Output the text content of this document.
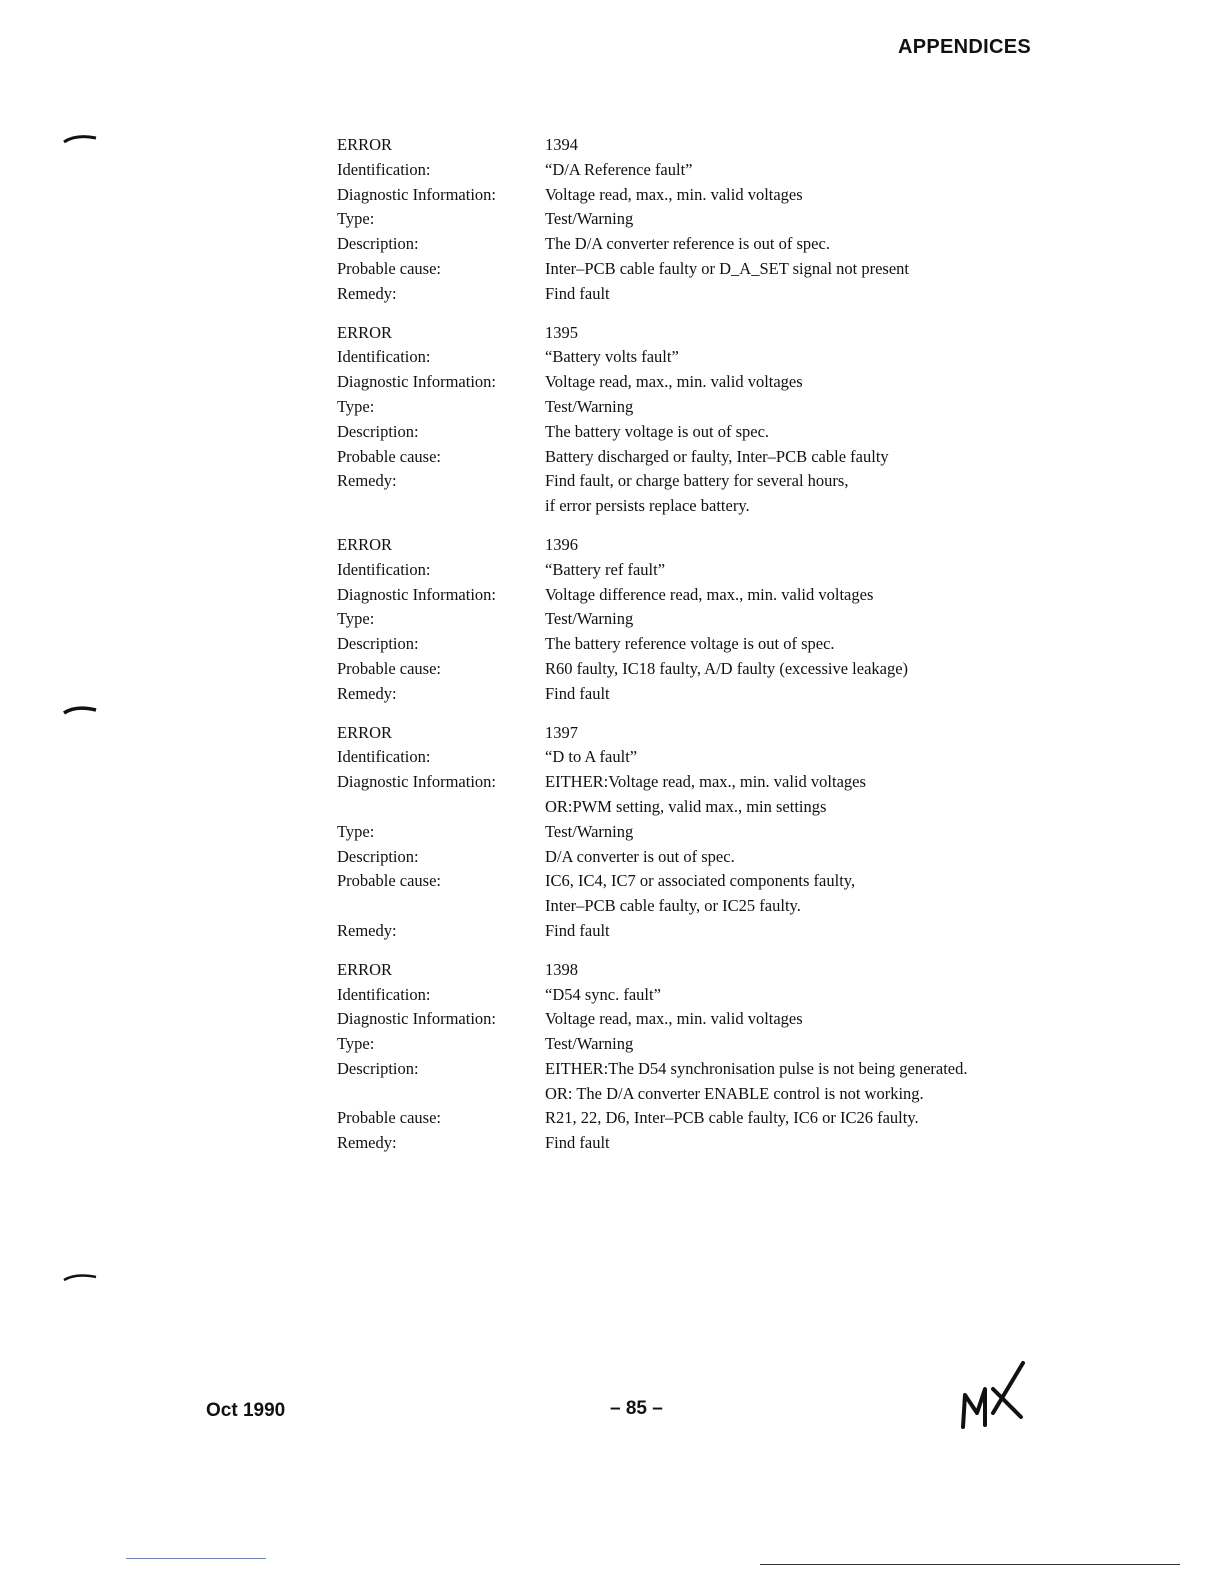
APPENDICES
ERROR	1394
Identification:	“D/A Reference fault”
Diagnostic Information:	Voltage read, max., min. valid voltages
Type:	Test/Warning
Description:	The D/A converter reference is out of spec.
Probable cause:	Inter–PCB cable faulty or D_A_SET signal not present
Remedy:	Find fault
ERROR	1395
Identification:	“Battery volts fault”
Diagnostic Information:	Voltage read, max., min. valid voltages
Type:	Test/Warning
Description:	The battery voltage is out of spec.
Probable cause:	Battery discharged or faulty, Inter–PCB cable faulty
Remedy:	Find fault, or charge battery for several hours,
if error persists replace battery.
ERROR	1396
Identification:	“Battery ref fault”
Diagnostic Information:	Voltage difference read, max., min. valid voltages
Type:	Test/Warning
Description:	The battery reference voltage is out of spec.
Probable cause:	R60 faulty, IC18 faulty, A/D faulty (excessive leakage)
Remedy:	Find fault
ERROR	1397
Identification:	“D to A fault”
Diagnostic Information:	EITHER:Voltage read, max., min. valid voltages
OR:PWM setting, valid max., min settings
Type:	Test/Warning
Description:	D/A converter is out of spec.
Probable cause:	IC6, IC4, IC7 or associated components faulty,
Inter–PCB cable faulty, or IC25 faulty.
Remedy:	Find fault
ERROR	1398
Identification:	“D54 sync. fault”
Diagnostic Information:	Voltage read, max., min. valid voltages
Type:	Test/Warning
Description:	EITHER:The D54 synchronisation pulse is not being generated.
OR: The D/A converter ENABLE control is not working.
Probable cause:	R21, 22, D6, Inter–PCB cable faulty, IC6 or IC26 faulty.
Remedy:	Find fault
Oct 1990	– 85 –
